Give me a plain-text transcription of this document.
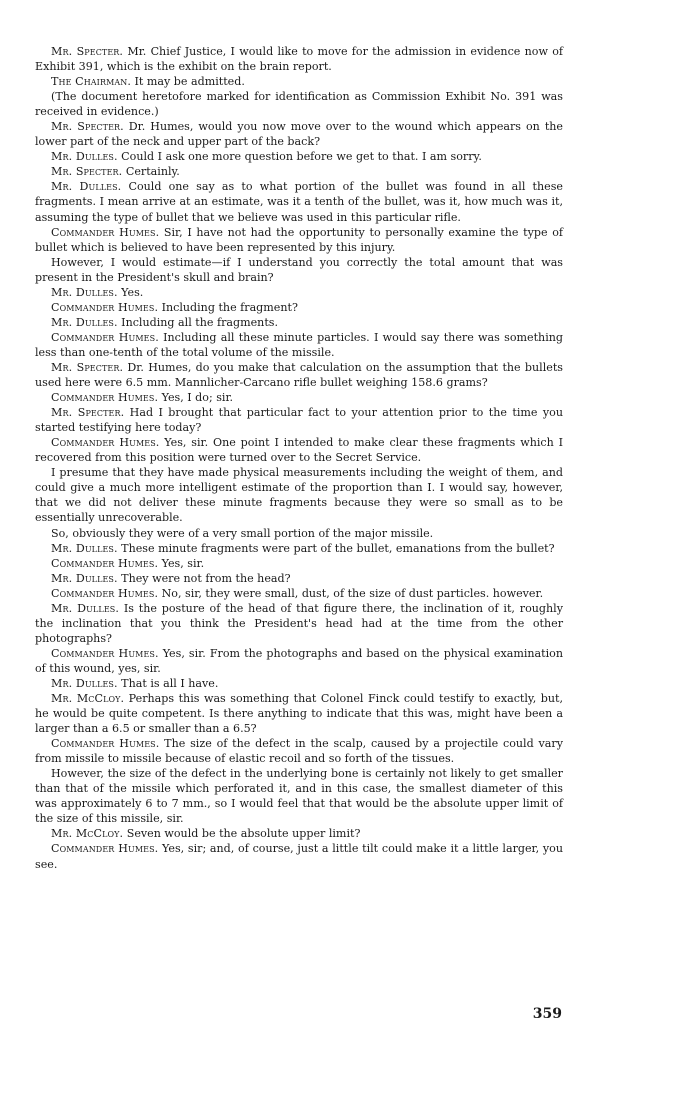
Mr. Specter. Mr. Chief Justice, I would like to move for the admission in evidence now of Exhibit 391, which is the exhibit on the brain report.

The Chairman. It may be admitted.

(The document heretofore marked for identification as Commission Exhibit No. 391 was received in evidence.)

Mr. Specter. Dr. Humes, would you now move over to the wound which appears on the lower part of the neck and upper part of the back?

Mr. Dulles. Could I ask one more question before we get to that. I am sorry.

Mr. Specter. Certainly.

Mr. Dulles. Could one say as to what portion of the bullet was found in all these fragments. I mean arrive at an estimate, was it a tenth of the bullet, was it, how much was it, assuming the type of bullet that we believe was used in this particular rifle.

Commander Humes. Sir, I have not had the opportunity to personally examine the type of bullet which is believed to have been represented by this injury.

However, I would estimate—if I understand you correctly the total amount that was present in the President's skull and brain?

Mr. Dulles. Yes.

Commander Humes. Including the fragment?

Mr. Dulles. Including all the fragments.

Commander Humes. Including all these minute particles. I would say there was something less than one-tenth of the total volume of the missile.

Mr. Specter. Dr. Humes, do you make that calculation on the assumption that the bullets used here were 6.5 mm. Mannlicher-Carcano rifle bullet weighing 158.6 grams?

Commander Humes. Yes, I do; sir.

Mr. Specter. Had I brought that particular fact to your attention prior to the time you started testifying here today?

Commander Humes. Yes, sir. One point I intended to make clear these fragments which I recovered from this position were turned over to the Secret Service.

I presume that they have made physical measurements including the weight of them, and could give a much more intelligent estimate of the proportion than I. I would say, however, that we did not deliver these minute fragments because they were so small as to be essentially unrecoverable.

So, obviously they were of a very small portion of the major missile.

Mr. Dulles. These minute fragments were part of the bullet, emanations from the bullet?

Commander Humes. Yes, sir.

Mr. Dulles. They were not from the head?

Commander Humes. No, sir, they were small, dust, of the size of dust particles. however.

Mr. Dulles. Is the posture of the head of that figure there, the inclination of it, roughly the inclination that you think the President's head had at the time from the other photographs?

Commander Humes. Yes, sir. From the photographs and based on the physical examination of this wound, yes, sir.

Mr. Dulles. That is all I have.

Mr. McCloy. Perhaps this was something that Colonel Finck could testify to exactly, but, he would be quite competent. Is there anything to indicate that this was, might have been a larger than a 6.5 or smaller than a 6.5?

Commander Humes. The size of the defect in the scalp, caused by a projectile could vary from missile to missile because of elastic recoil and so forth of the tissues.

However, the size of the defect in the underlying bone is certainly not likely to get smaller than that of the missile which perforated it, and in this case, the smallest diameter of this was approximately 6 to 7 mm., so I would feel that that would be the absolute upper limit of the size of this missile, sir.

Mr. McCloy. Seven would be the absolute upper limit?

Commander Humes. Yes, sir; and, of course, just a little tilt could make it a little larger, you see.

359
